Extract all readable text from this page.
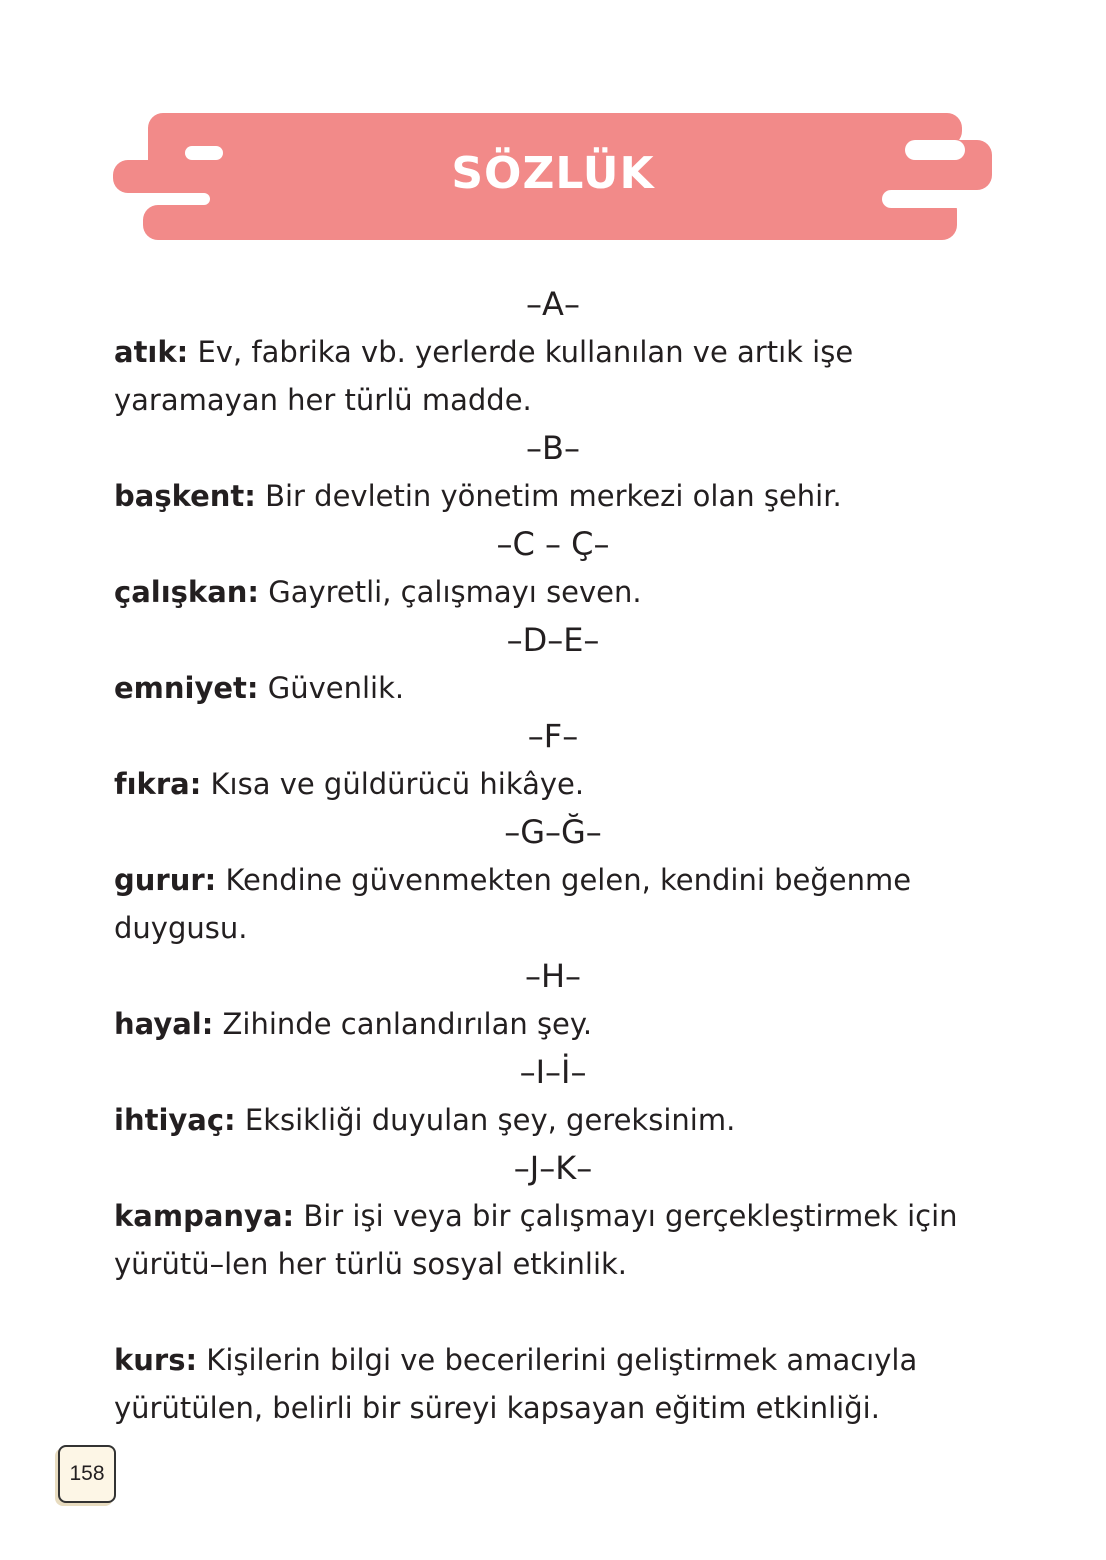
SÖZLÜK
–A–

atık: Ev, fabrika vb. yerlerde kullanılan ve artık işe yaramayan her türlü madde.

–B–

başkent: Bir devletin yönetim merkezi olan şehir.

–C – Ç–

çalışkan: Gayretli, çalışmayı seven.

–D–E–

emniyet: Güvenlik.

–F–

fıkra: Kısa ve güldürücü hikâye.

–G–Ğ–

gurur: Kendine güvenmekten gelen, kendini beğenme duygusu.

–H–

hayal: Zihinde canlandırılan şey.

–I–İ–

ihtiyaç: Eksikliği duyulan şey, gereksinim.

–J–K–

kampanya: Bir işi veya bir çalışmayı gerçekleştirmek için yürütü–len her türlü sosyal etkinlik.

kurs: Kişilerin bilgi ve becerilerini geliştirmek amacıyla yürütülen, belirli bir süreyi kapsayan eğitim etkinliği.

158
